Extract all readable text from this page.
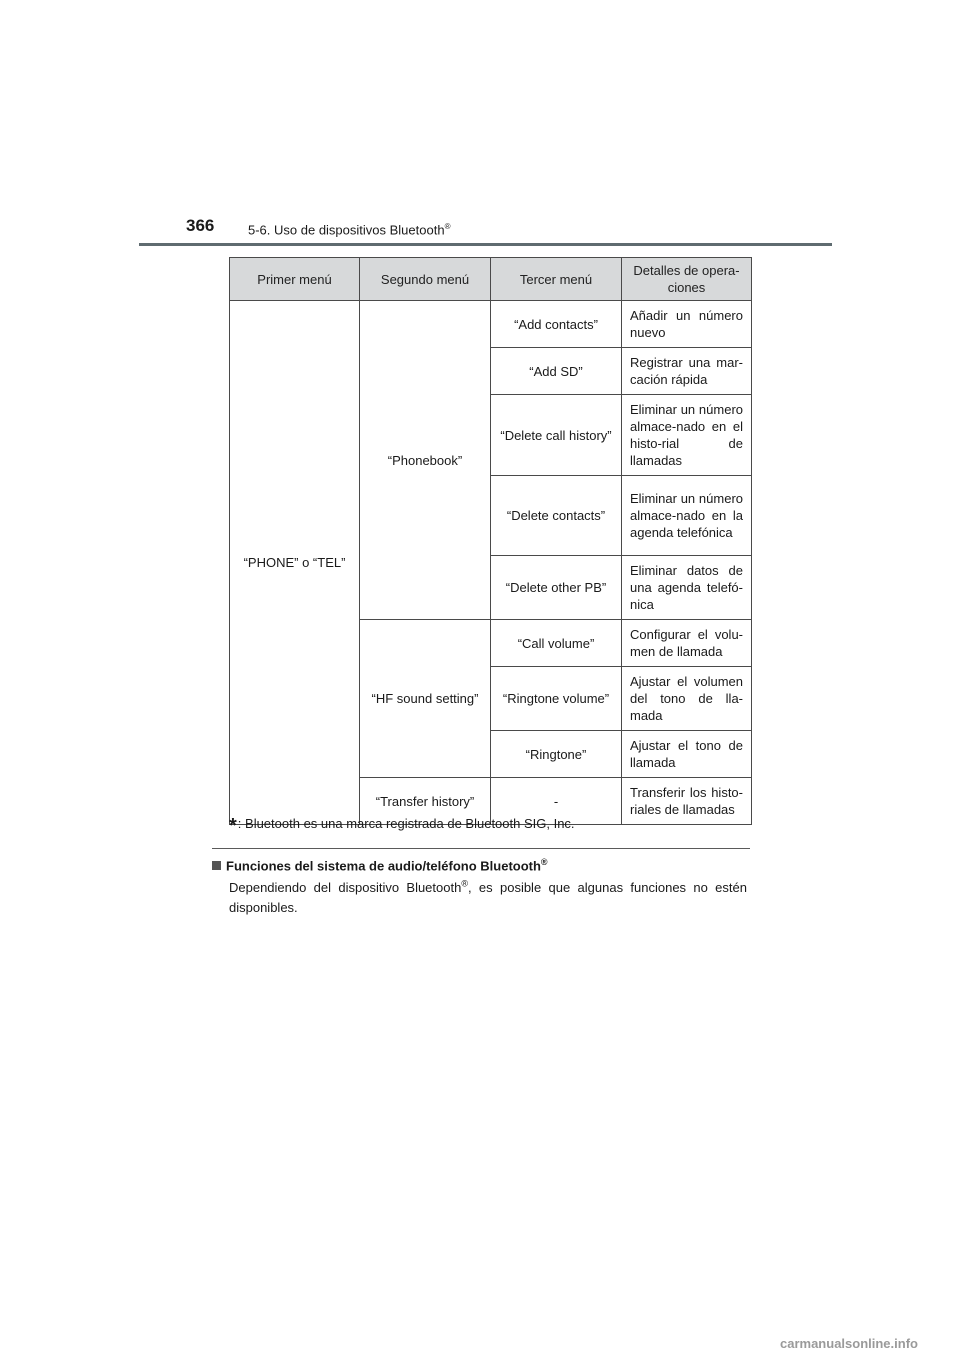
366	5-6. Uso de dispositivos Bluetooth®
Primer menú	Segundo menú	Tercer menú	Detalles de opera-ciones
“PHONE” o “TEL”	“Phonebook”	“Add contacts”	Añadir un número nuevo
		“Add SD”	Registrar una mar-cación rápida
		“Delete call history”	Eliminar un número almace-nado en el histo-rial de llamadas
		“Delete contacts”	Eliminar un número almace-nado en la agenda telefónica
		“Delete other PB”	Eliminar datos de una agenda telefó-nica
	“HF sound setting”	“Call volume”	Configurar el volu-men de llamada
		“Ringtone volume”	Ajustar el volumen del tono de lla-mada
		“Ringtone”	Ajustar el tono de llamada
	“Transfer history”	-	Transferir los histo-riales de llamadas
*: Bluetooth es una marca registrada de Bluetooth SIG, Inc.
Funciones del sistema de audio/teléfono Bluetooth®
Dependiendo del dispositivo Bluetooth®, es posible que algunas funciones no estén disponibles.
carmanualsonline.info
